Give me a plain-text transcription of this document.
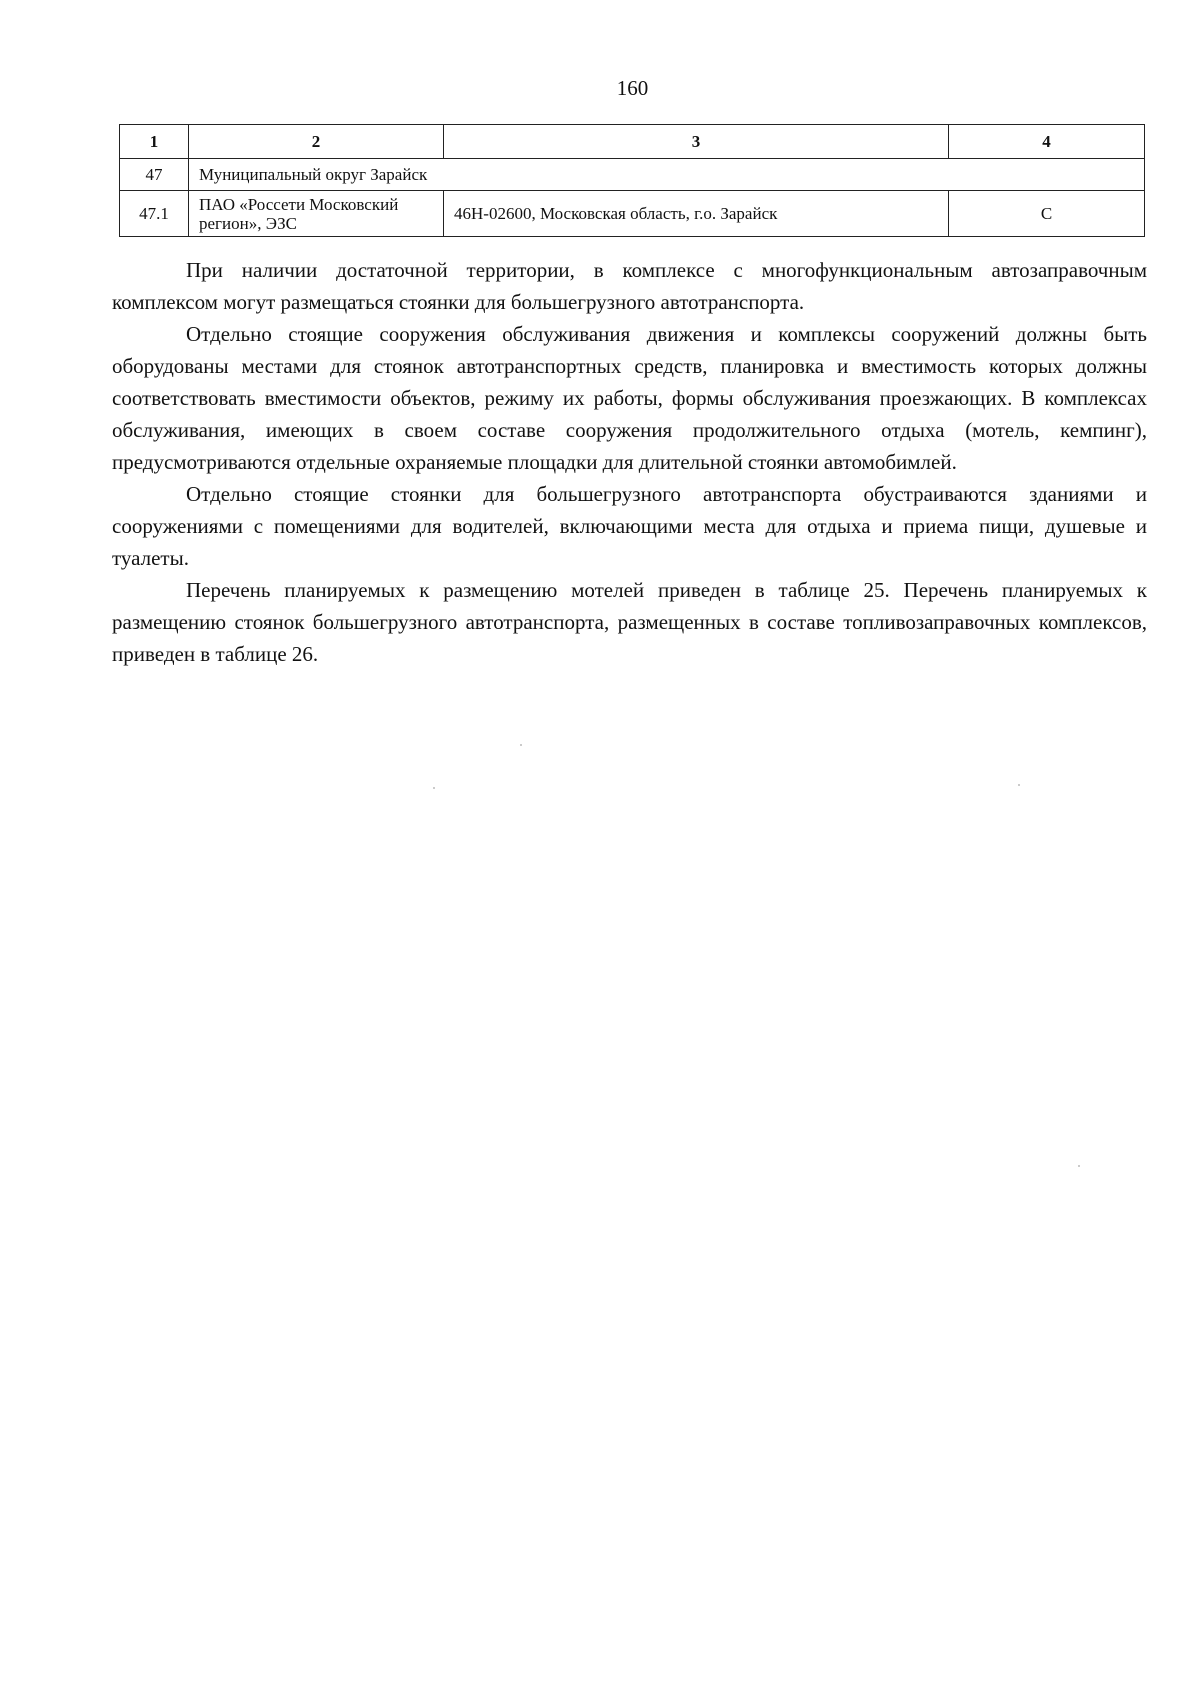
160
1	2	3	4
47	Муниципальный округ Зарайск		
47.1	ПАО «Россети Московский регион», ЭЗС	46Н-02600, Московская область, г.о. Зарайск	С

При наличии достаточной территории, в комплексе с многофункциональным автозаправочным комплексом могут размещаться стоянки для большегрузного автотранспорта.

Отдельно стоящие сооружения обслуживания движения и комплексы сооружений должны быть оборудованы местами для стоянок автотранспортных средств, планировка и вместимость которых должны соответствовать вместимости объектов, режиму их работы, формы обслуживания проезжающих. В комплексах обслуживания, имеющих в своем составе сооружения продолжительного отдыха (мотель, кемпинг), предусмотриваются отдельные охраняемые площадки для длительной стоянки автомобимлей.

Отдельно стоящие стоянки для большегрузного автотранспорта обустраиваются зданиями и сооружениями с помещениями для водителей, включающими места для отдыха и приема пищи, душевые и туалеты.

Перечень планируемых к размещению мотелей приведен в таблице 25. Перечень планируемых к размещению стоянок большегрузного автотранспорта, размещенных в составе топливозаправочных комплексов, приведен в таблице 26.
